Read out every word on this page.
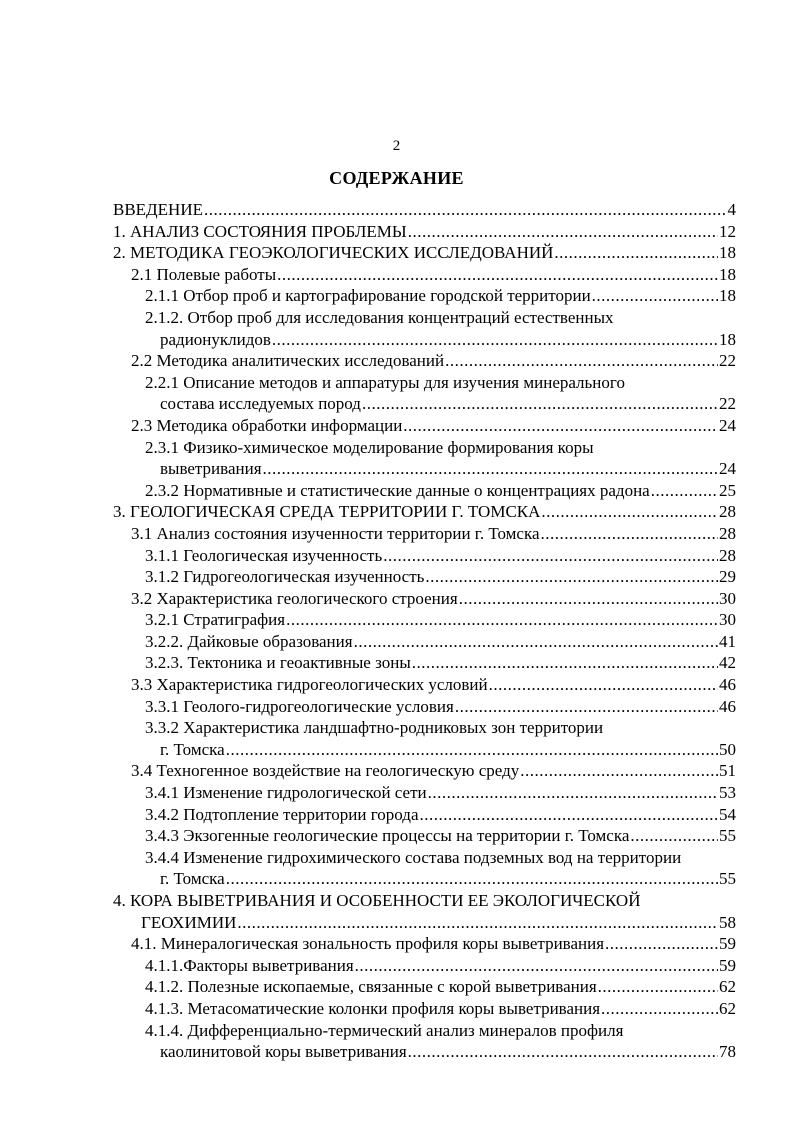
2
СОДЕРЖАНИЕ
ВВЕДЕНИЕ .....	4
1. АНАЛИЗ СОСТОЯНИЯ ПРОБЛЕМЫ .....	12
2. МЕТОДИКА ГЕОЭКОЛОГИЧЕСКИХ ИССЛЕДОВАНИЙ .....	18
2.1 Полевые работы .....	18
2.1.1 Отбор проб и картографирование городской территории .....	18
2.1.2. Отбор проб для исследования концентраций естественных
радионуклидов .....	18
2.2 Методика аналитических исследований .....	22
2.2.1 Описание методов и аппаратуры для изучения минерального
состава исследуемых пород .....	22
2.3 Методика обработки информации .....	24
2.3.1 Физико-химическое моделирование формирования коры
выветривания .....	24
2.3.2 Нормативные и статистические данные о концентрациях радона .....	25
3. ГЕОЛОГИЧЕСКАЯ СРЕДА ТЕРРИТОРИИ Г. ТОМСКА .....	28
3.1 Анализ состояния изученности территории г. Томска .....	28
3.1.1 Геологическая изученность .....	28
3.1.2 Гидрогеологическая изученность .....	29
3.2 Характеристика геологического строения .....	30
3.2.1 Стратиграфия .....	30
3.2.2. Дайковые образования .....	41
3.2.3. Тектоника и геоактивные зоны .....	42
3.3 Характеристика гидрогеологических условий .....	46
3.3.1 Геолого-гидрогеологические условия .....	46
3.3.2 Характеристика ландшафтно-родниковых зон территории
г. Томска .....	50
3.4 Техногенное воздействие на геологическую среду .....	51
3.4.1 Изменение гидрологической сети .....	53
3.4.2 Подтопление территории города .....	54
3.4.3 Экзогенные геологические процессы на территории г. Томска .....	55
3.4.4 Изменение гидрохимического состава подземных вод на территории
г. Томска .....	55
4. КОРА ВЫВЕТРИВАНИЯ И ОСОБЕННОСТИ ЕЕ ЭКОЛОГИЧЕСКОЙ
ГЕОХИМИИ .....	58
4.1. Минералогическая зональность профиля коры выветривания .....	59
4.1.1.Факторы выветривания .....	59
4.1.2. Полезные ископаемые, связанные с корой выветривания .....	62
4.1.3. Метасоматические колонки профиля коры выветривания .....	62
4.1.4. Дифференциально-термический анализ минералов профиля
каолинитовой коры выветривания .....	78
